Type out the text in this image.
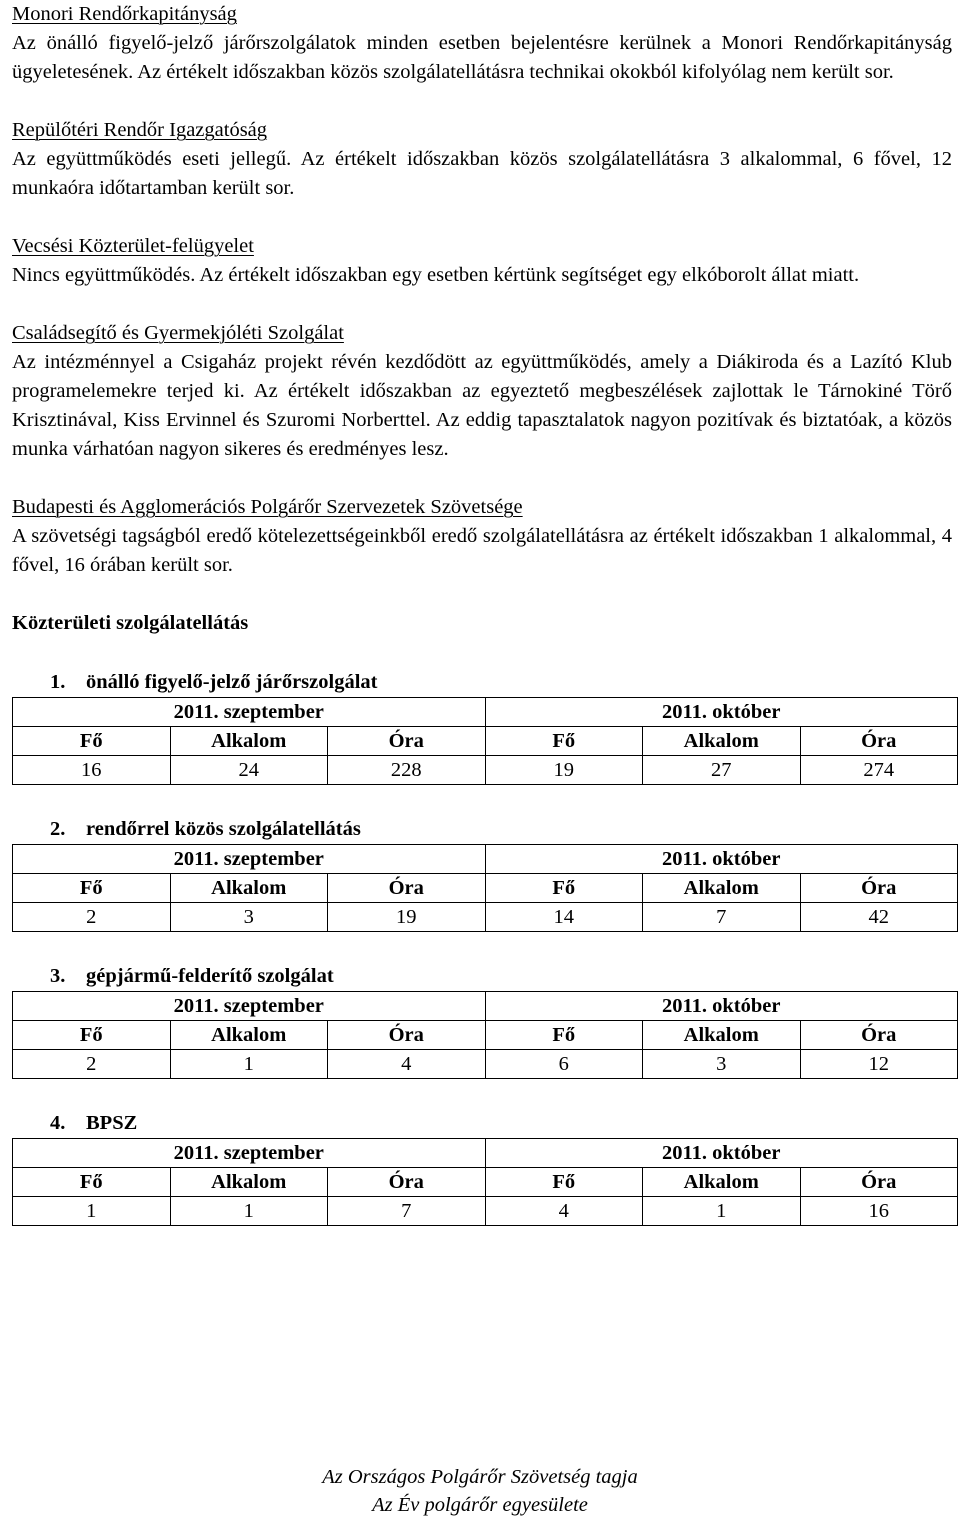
Monori Rendőrkapitányság

Az önálló figyelő-jelző járőrszolgálatok minden esetben bejelentésre kerülnek a Monori Rendőrkapitányság ügyeletesének. Az értékelt időszakban közös szolgálatellátásra technikai okokból kifolyólag nem került sor.

Repülőtéri Rendőr Igazgatóság

Az együttműködés eseti jellegű. Az értékelt időszakban közös szolgálatellátásra 3 alkalommal, 6 fővel, 12 munkaóra időtartamban került sor.

Vecsési Közterület-felügyelet

Nincs együttműködés. Az értékelt időszakban egy esetben kértünk segítséget egy elkóborolt állat miatt.

Családsegítő és Gyermekjóléti Szolgálat

Az intézménnyel a Csigaház projekt révén kezdődött az együttműködés, amely a Diákiroda és a Lazító Klub programelemekre terjed ki. Az értékelt időszakban az egyeztető megbeszélések zajlottak le Tárnokiné Törő Krisztinával, Kiss Ervinnel és Szuromi Norberttel. Az eddig tapasztalatok nagyon pozitívak és biztatóak, a közös munka várhatóan nagyon sikeres és eredményes lesz.

Budapesti és Agglomerációs Polgárőr Szervezetek Szövetsége

A szövetségi tagságból eredő kötelezettségeinkből eredő szolgálatellátásra az értékelt időszakban 1 alkalommal, 4 fővel, 16 órában került sor.

Közterületi szolgálatellátás
1. önálló figyelő-jelző járőrszolgálat
2011. szeptember			2011. október		
Fő	Alkalom	Óra	Fő	Alkalom	Óra
16	24	228	19	27	274
2. rendőrrel közös szolgálatellátás
2011. szeptember			2011. október		
Fő	Alkalom	Óra	Fő	Alkalom	Óra
2	3	19	14	7	42
3. gépjármű-felderítő szolgálat
2011. szeptember			2011. október		
Fő	Alkalom	Óra	Fő	Alkalom	Óra
2	1	4	6	3	12
4. BPSZ
2011. szeptember			2011. október		
Fő	Alkalom	Óra	Fő	Alkalom	Óra
1	1	7	4	1	16
Az Országos Polgárőr Szövetség tagja
Az Év polgárőr egyesülete
